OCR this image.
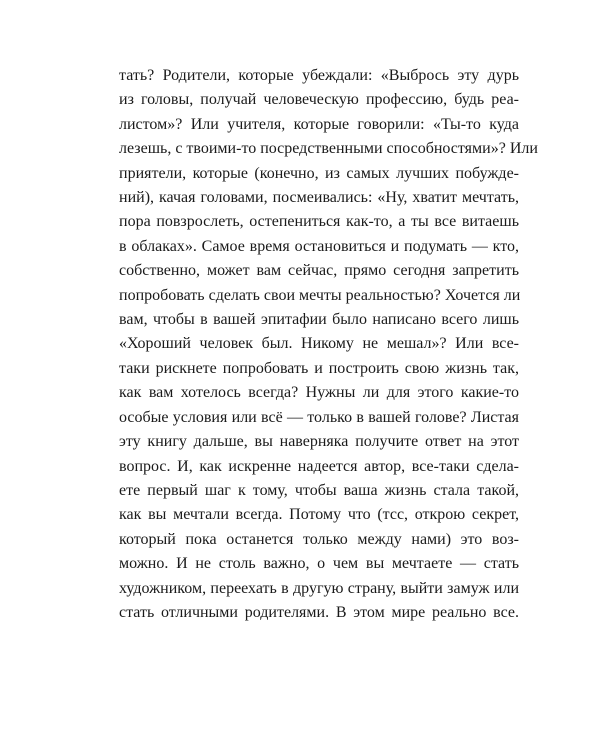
тать? Родители, которые убеждали: «Выбрось эту дурь
из головы, получай человеческую профессию, будь реа-
листом»? Или учителя, которые говорили: «Ты-то куда
лезешь, с твоими-то посредственными способностями»? Или
приятели, которые (конечно, из самых лучших побужде-
ний), качая головами, посмеивались: «Ну, хватит мечтать,
пора повзрослеть, остепениться как-то, а ты все витаешь
в облаках». Самое время остановиться и подумать — кто,
собственно, может вам сейчас, прямо сегодня запретить
попробовать сделать свои мечты реальностью? Хочется ли
вам, чтобы в вашей эпитафии было написано всего лишь
«Хороший человек был. Никому не мешал»? Или все-
таки рискнете попробовать и построить свою жизнь так,
как вам хотелось всегда? Нужны ли для этого какие-то
особые условия или всё — только в вашей голове? Листая
эту книгу дальше, вы наверняка получите ответ на этот
вопрос. И, как искренне надеется автор, все-таки сдела-
ете первый шаг к тому, чтобы ваша жизнь стала такой,
как вы мечтали всегда. Потому что (тсс, открою секрет,
который пока останется только между нами) это воз-
можно. И не столь важно, о чем вы мечтаете — стать
художником, переехать в другую страну, выйти замуж или
стать отличными родителями. В этом мире реально все.
